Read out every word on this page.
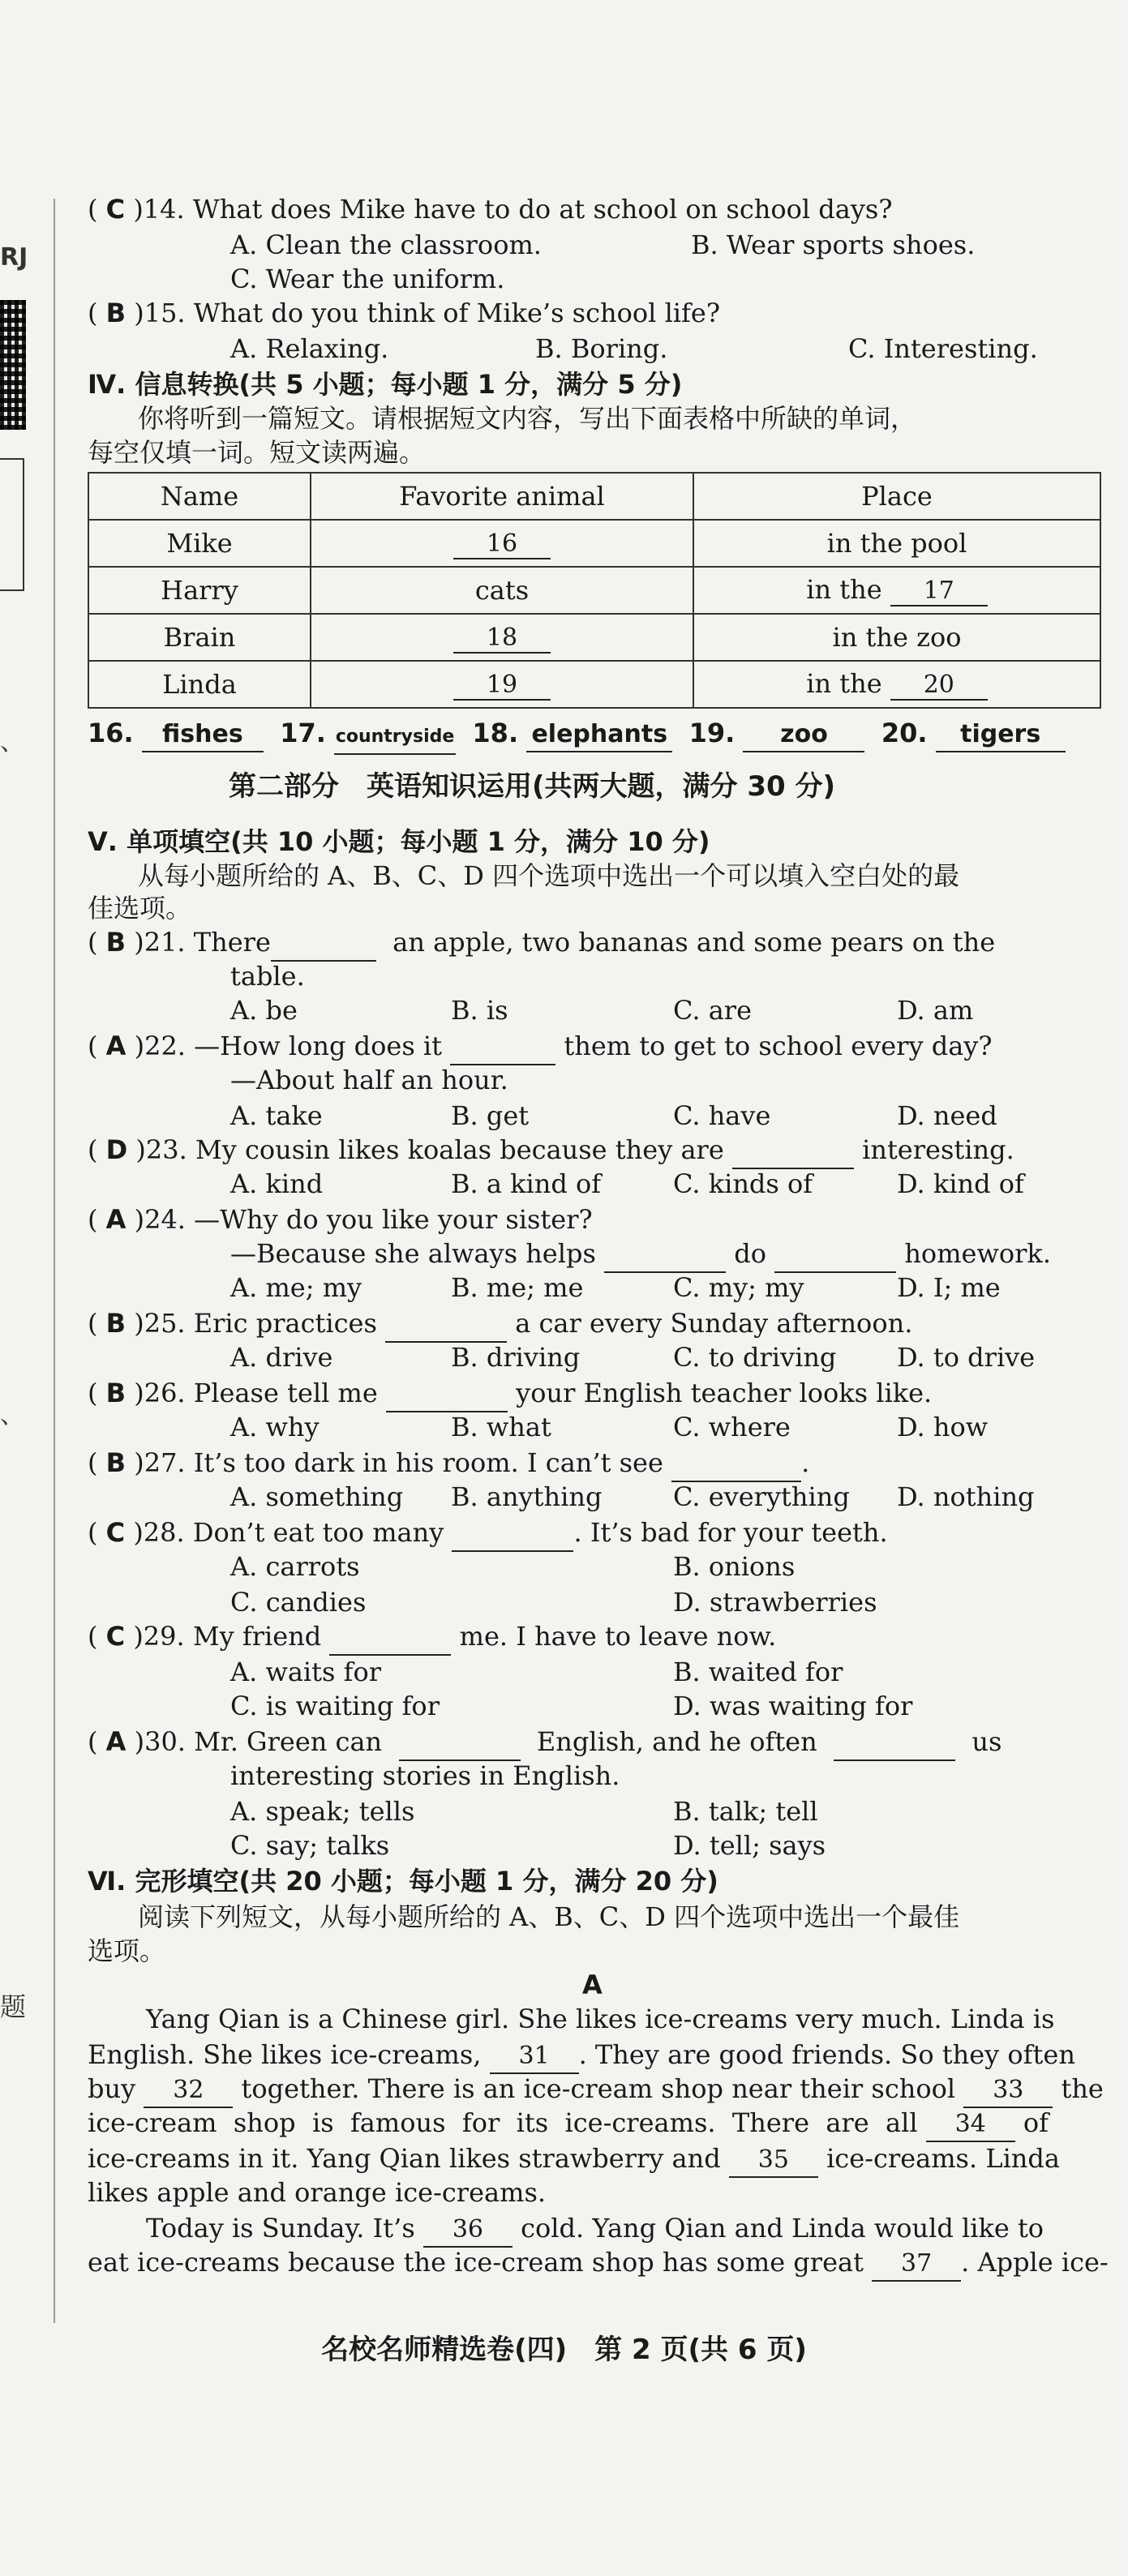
RJ
、
、
题
( C )14. What does Mike have to do at school on school days?
A. Clean the classroom.	B. Wear sports shoes.
C. Wear the uniform.
( B )15. What do you think of Mike’s school life?
A. Relaxing.	B. Boring.	C. Interesting.
Ⅳ. 信息转换(共 5 小题；每小题 1 分，满分 5 分)
你将听到一篇短文。请根据短文内容，写出下面表格中所缺的单词，
每空仅填一词。短文读两遍。
Name	Favorite animal	Place
Mike	16	in the pool
Harry	cats	in the 17
Brain	18	in the zoo
Linda	19	in the 20
16. fishes 17. countryside 18. elephants 19. zoo 20. tigers
第二部分　英语知识运用(共两大题，满分 30 分)
Ⅴ. 单项填空(共 10 小题；每小题 1 分，满分 10 分)
从每小题所给的 A、B、C、D 四个选项中选出一个可以填入空白处的最
佳选项。
( B )21. There	an apple, two bananas and some pears on the
table.
A. be	B. is	C. are	D. am
( A )22. —How long does it	them to get to school every day?
—About half an hour.
A. take	B. get	C. have	D. need
( D )23. My cousin likes koalas because they are	interesting.
A. kind	B. a kind of	C. kinds of	D. kind of
( A )24. —Why do you like your sister?
—Because she always helps	do	homework.
A. me; my	B. me; me	C. my; my	D. I; me
( B )25. Eric practices	a car every Sunday afternoon.
A. drive	B. driving	C. to driving D. to drive
( B )26. Please tell me	your English teacher looks like.
A. why	B. what	C. where	D. how
( B )27. It’s too dark in his room. I can’t see	.
A. something B. anything	C. everything D. nothing
( C )28. Don’t eat too many	. It’s bad for your teeth.
A. carrots	B. onions
C. candies	D. strawberries
( C )29. My friend	me. I have to leave now.
A. waits for	B. waited for
C. is waiting for	D. was waiting for
( A )30. Mr. Green can	English, and he often	us
interesting stories in English.
A. speak; tells	B. talk; tell
C. say; talks	D. tell; says
Ⅵ. 完形填空(共 20 小题；每小题 1 分，满分 20 分)
阅读下列短文，从每小题所给的 A、B、C、D 四个选项中选出一个最佳
选项。
A
Yang Qian is a Chinese girl. She likes ice-creams very much. Linda is
English. She likes ice-creams, 31 . They are good friends. So they often
buy 32 together. There is an ice-cream shop near their school 33 the
ice-cream  shop  is  famous  for  its  ice-creams.  There  are  all 34 of
ice-creams in it. Yang Qian likes strawberry and 35 ice-creams. Linda
likes apple and orange ice-creams.
Today is Sunday. It’s 36 cold. Yang Qian and Linda would like to
eat ice-creams because the ice-cream shop has some great 37 . Apple ice-
名校名师精选卷(四)　第 2 页(共 6 页)
